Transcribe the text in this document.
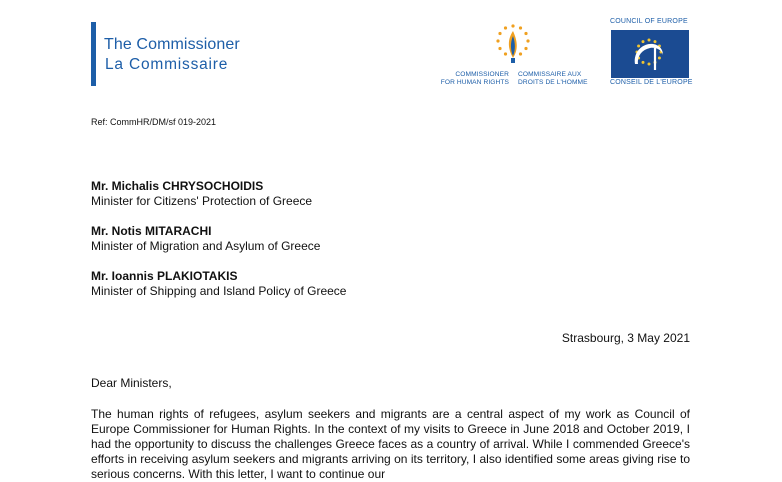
The Commissioner
La Commissaire
COMMISSIONER
FOR HUMAN RIGHTS
COMMISSAIRE AUX
DROITS DE L'HOMME
COUNCIL OF EUROPE
CONSEIL DE L'EUROPE
Ref: CommHR/DM/sf 019-2021
Mr. Michalis CHRYSOCHOIDIS
Minister for Citizens' Protection of Greece
Mr. Notis MITARACHI
Minister of Migration and Asylum of Greece
Mr. Ioannis PLAKIOTAKIS
Minister of Shipping and Island Policy of Greece
Strasbourg, 3 May 2021
Dear Ministers,
The human rights of refugees, asylum seekers and migrants are a central aspect of my work as Council of Europe Commissioner for Human Rights. In the context of my visits to Greece in June 2018 and October 2019, I had the opportunity to discuss the challenges Greece faces as a country of arrival. While I commended Greece's efforts in receiving asylum seekers and migrants arriving on its territory, I also identified some areas giving rise to serious concerns. With this letter, I want to continue our
